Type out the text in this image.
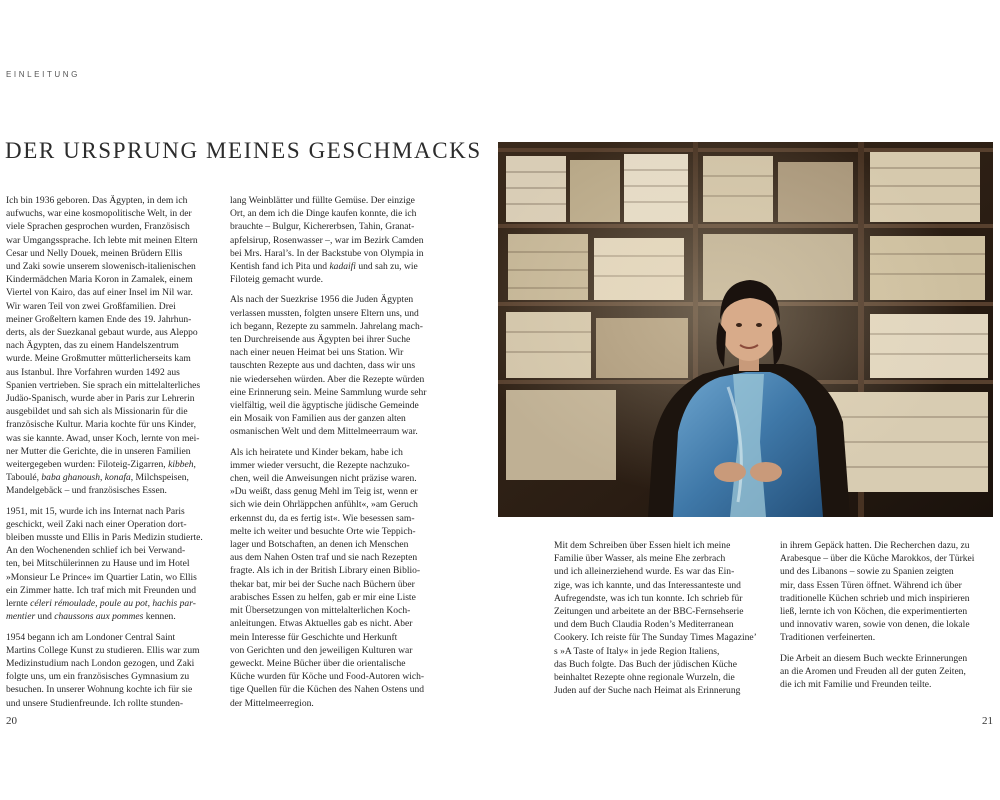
EINLEITUNG
DER URSPRUNG MEINES GESCHMACKS

Ich bin 1936 geboren. Das Ägypten, in dem ich
aufwuchs, war eine kosmopolitische Welt, in der
viele Sprachen gesprochen wurden, Französisch
war Umgangssprache. Ich lebte mit meinen Eltern
Cesar und Nelly Douek, meinen Brüdern Ellis
und Zaki sowie unserem slowenisch-italienischen
Kindermädchen Maria Koron in Zamalek, einem
Viertel von Kairo, das auf einer Insel im Nil war.
Wir waren Teil von zwei Großfamilien. Drei
meiner Großeltern kamen Ende des 19. Jahrhun-
derts, als der Suezkanal gebaut wurde, aus Aleppo
nach Ägypten, das zu einem Handelszentrum
wurde. Meine Großmutter mütterlicherseits kam
aus Istanbul. Ihre Vorfahren wurden 1492 aus
Spanien vertrieben. Sie sprach ein mittelalterliches
Judäo-Spanisch, wurde aber in Paris zur Lehrerin
ausgebildet und sah sich als Missionarin für die
französische Kultur. Maria kochte für uns Kinder,
was sie kannte. Awad, unser Koch, lernte von mei-
ner Mutter die Gerichte, die in unseren Familien
weitergegeben wurden: Filoteig-Zigarren, kibbeh,
Taboulé, baba ghanoush, konafa, Milchspeisen,
Mandelgebäck – und französisches Essen.

1951, mit 15, wurde ich ins Internat nach Paris
geschickt, weil Zaki nach einer Operation dort-
bleiben musste und Ellis in Paris Medizin studierte.
An den Wochenenden schlief ich bei Verwand-
ten, bei Mitschülerinnen zu Hause und im Hotel
»Monsieur Le Prince« im Quartier Latin, wo Ellis
ein Zimmer hatte. Ich traf mich mit Freunden und
lernte céleri rémoulade, poule au pot, hachis par-
mentier und chaussons aux pommes kennen.

1954 begann ich am Londoner Central Saint
Martins College Kunst zu studieren. Ellis war zum
Medizinstudium nach London gezogen, und Zaki
folgte uns, um ein französisches Gymnasium zu
besuchen. In unserer Wohnung kochte ich für sie
und unsere Studienfreunde. Ich rollte stunden-

lang Weinblätter und füllte Gemüse. Der einzige
Ort, an dem ich die Dinge kaufen konnte, die ich
brauchte – Bulgur, Kichererbsen, Tahin, Granat-
apfelsirup, Rosenwasser –, war im Bezirk Camden
bei Mrs. Haral’s. In der Backstube von Olympia in
Kentish fand ich Pita und kadaifi und sah zu, wie
Filoteig gemacht wurde.

Als nach der Suezkrise 1956 die Juden Ägypten
verlassen mussten, folgten unsere Eltern uns, und
ich begann, Rezepte zu sammeln. Jahrelang mach-
ten Durchreisende aus Ägypten bei ihrer Suche
nach einer neuen Heimat bei uns Station. Wir
tauschten Rezepte aus und dachten, dass wir uns
nie wiedersehen würden. Aber die Rezepte würden
eine Erinnerung sein. Meine Sammlung wurde sehr
vielfältig, weil die ägyptische jüdische Gemeinde
ein Mosaik von Familien aus der ganzen alten
osmanischen Welt und dem Mittelmeerraum war.

Als ich heiratete und Kinder bekam, habe ich
immer wieder versucht, die Rezepte nachzuko-
chen, weil die Anweisungen nicht präzise waren.
»Du weißt, dass genug Mehl im Teig ist, wenn er
sich wie dein Ohrläppchen anfühlt«, »am Geruch
erkennst du, da es fertig ist«. Wie besessen sam-
melte ich weiter und besuchte Orte wie Teppich-
lager und Botschaften, an denen ich Menschen
aus dem Nahen Osten traf und sie nach Rezepten
fragte. Als ich in der British Library einen Biblio-
thekar bat, mir bei der Suche nach Büchern über
arabisches Essen zu helfen, gab er mir eine Liste
mit Übersetzungen von mittelalterlichen Koch-
anleitungen. Etwas Aktuelles gab es nicht. Aber
mein Interesse für Geschichte und Herkunft
von Gerichten und den jeweiligen Kulturen war
geweckt. Meine Bücher über die orientalische
Küche wurden für Köche und Food-Autoren wich-
tige Quellen für die Küchen des Nahen Ostens und
der Mittelmeerregion.

Mit dem Schreiben über Essen hielt ich meine
Familie über Wasser, als meine Ehe zerbrach
und ich alleinerziehend wurde. Es war das Ein-
zige, was ich kannte, und das Interessanteste und
Aufregendste, was ich tun konnte. Ich schrieb für
Zeitungen und arbeitete an der BBC-Fernsehserie
und dem Buch Claudia Roden’s Mediterranean
Cookery. Ich reiste für The Sunday Times Magazine’
s »A Taste of Italy« in jede Region Italiens,
das Buch folgte. Das Buch der jüdischen Küche
beinhaltet Rezepte ohne regionale Wurzeln, die
Juden auf der Suche nach Heimat als Erinnerung

in ihrem Gepäck hatten. Die Recherchen dazu, zu
Arabesque – über die Küche Marokkos, der Türkei
und des Libanons – sowie zu Spanien zeigten
mir, dass Essen Türen öffnet. Während ich über
traditionelle Küchen schrieb und mich inspirieren
ließ, lernte ich von Köchen, die experimentierten
und innovativ waren, sowie von denen, die lokale
Traditionen verfeinerten.

Die Arbeit an diesem Buch weckte Erinnerungen
an die Aromen und Freuden all der guten Zeiten,
die ich mit Familie und Freunden teilte.

20	21
